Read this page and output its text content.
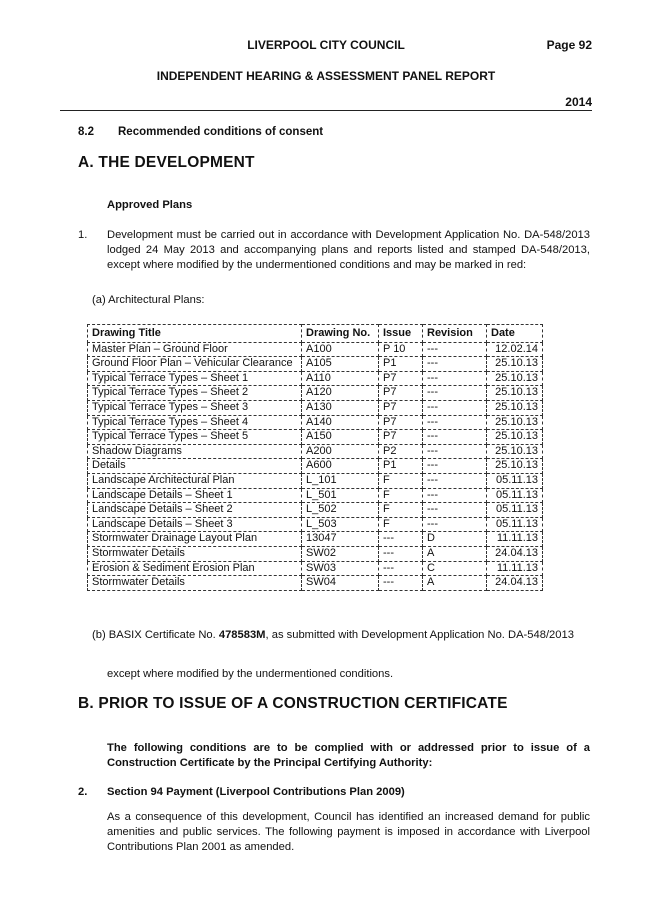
LIVERPOOL CITY COUNCIL	Page 92
INDEPENDENT HEARING & ASSESSMENT PANEL REPORT
2014
8.2 Recommended conditions of consent
A. THE DEVELOPMENT
Approved Plans
1. Development must be carried out in accordance with Development Application No. DA-548/2013 lodged 24 May 2013 and accompanying plans and reports listed and stamped DA-548/2013, except where modified by the undermentioned conditions and may be marked in red:
(a) Architectural Plans:
Drawing Title	Drawing No.	Issue	Revision	Date
Master Plan – Ground Floor	A100	P 10	---	12.02.14
Ground Floor Plan – Vehicular Clearance	A105	P1	---	25.10.13
Typical Terrace Types – Sheet 1	A110	P7	---	25.10.13
Typical Terrace Types – Sheet 2	A120	P7	---	25.10.13
Typical Terrace Types – Sheet 3	A130	P7	---	25.10.13
Typical Terrace Types – Sheet 4	A140	P7	---	25.10.13
Typical Terrace Types – Sheet 5	A150	P7	---	25.10.13
Shadow Diagrams	A200	P2	---	25.10.13
Details	A600	P1	---	25.10.13
Landscape Architectural Plan	L_101	F	---	05.11.13
Landscape Details – Sheet 1	L_501	F	---	05.11.13
Landscape Details – Sheet 2	L_502	F	---	05.11.13
Landscape Details – Sheet 3	L_503	F	---	05.11.13
Stormwater Drainage Layout Plan	13047	---	D	11.11.13
Stormwater Details	SW02	---	A	24.04.13
Erosion & Sediment Erosion Plan	SW03	---	C	11.11.13
Stormwater Details	SW04	---	A	24.04.13
(b) BASIX Certificate No. 478583M, as submitted with Development Application No. DA-548/2013
except where modified by the undermentioned conditions.
B. PRIOR TO ISSUE OF A CONSTRUCTION CERTIFICATE
The following conditions are to be complied with or addressed prior to issue of a Construction Certificate by the Principal Certifying Authority:
2. Section 94 Payment (Liverpool Contributions Plan 2009)
As a consequence of this development, Council has identified an increased demand for public amenities and public services. The following payment is imposed in accordance with Liverpool Contributions Plan 2001 as amended.
